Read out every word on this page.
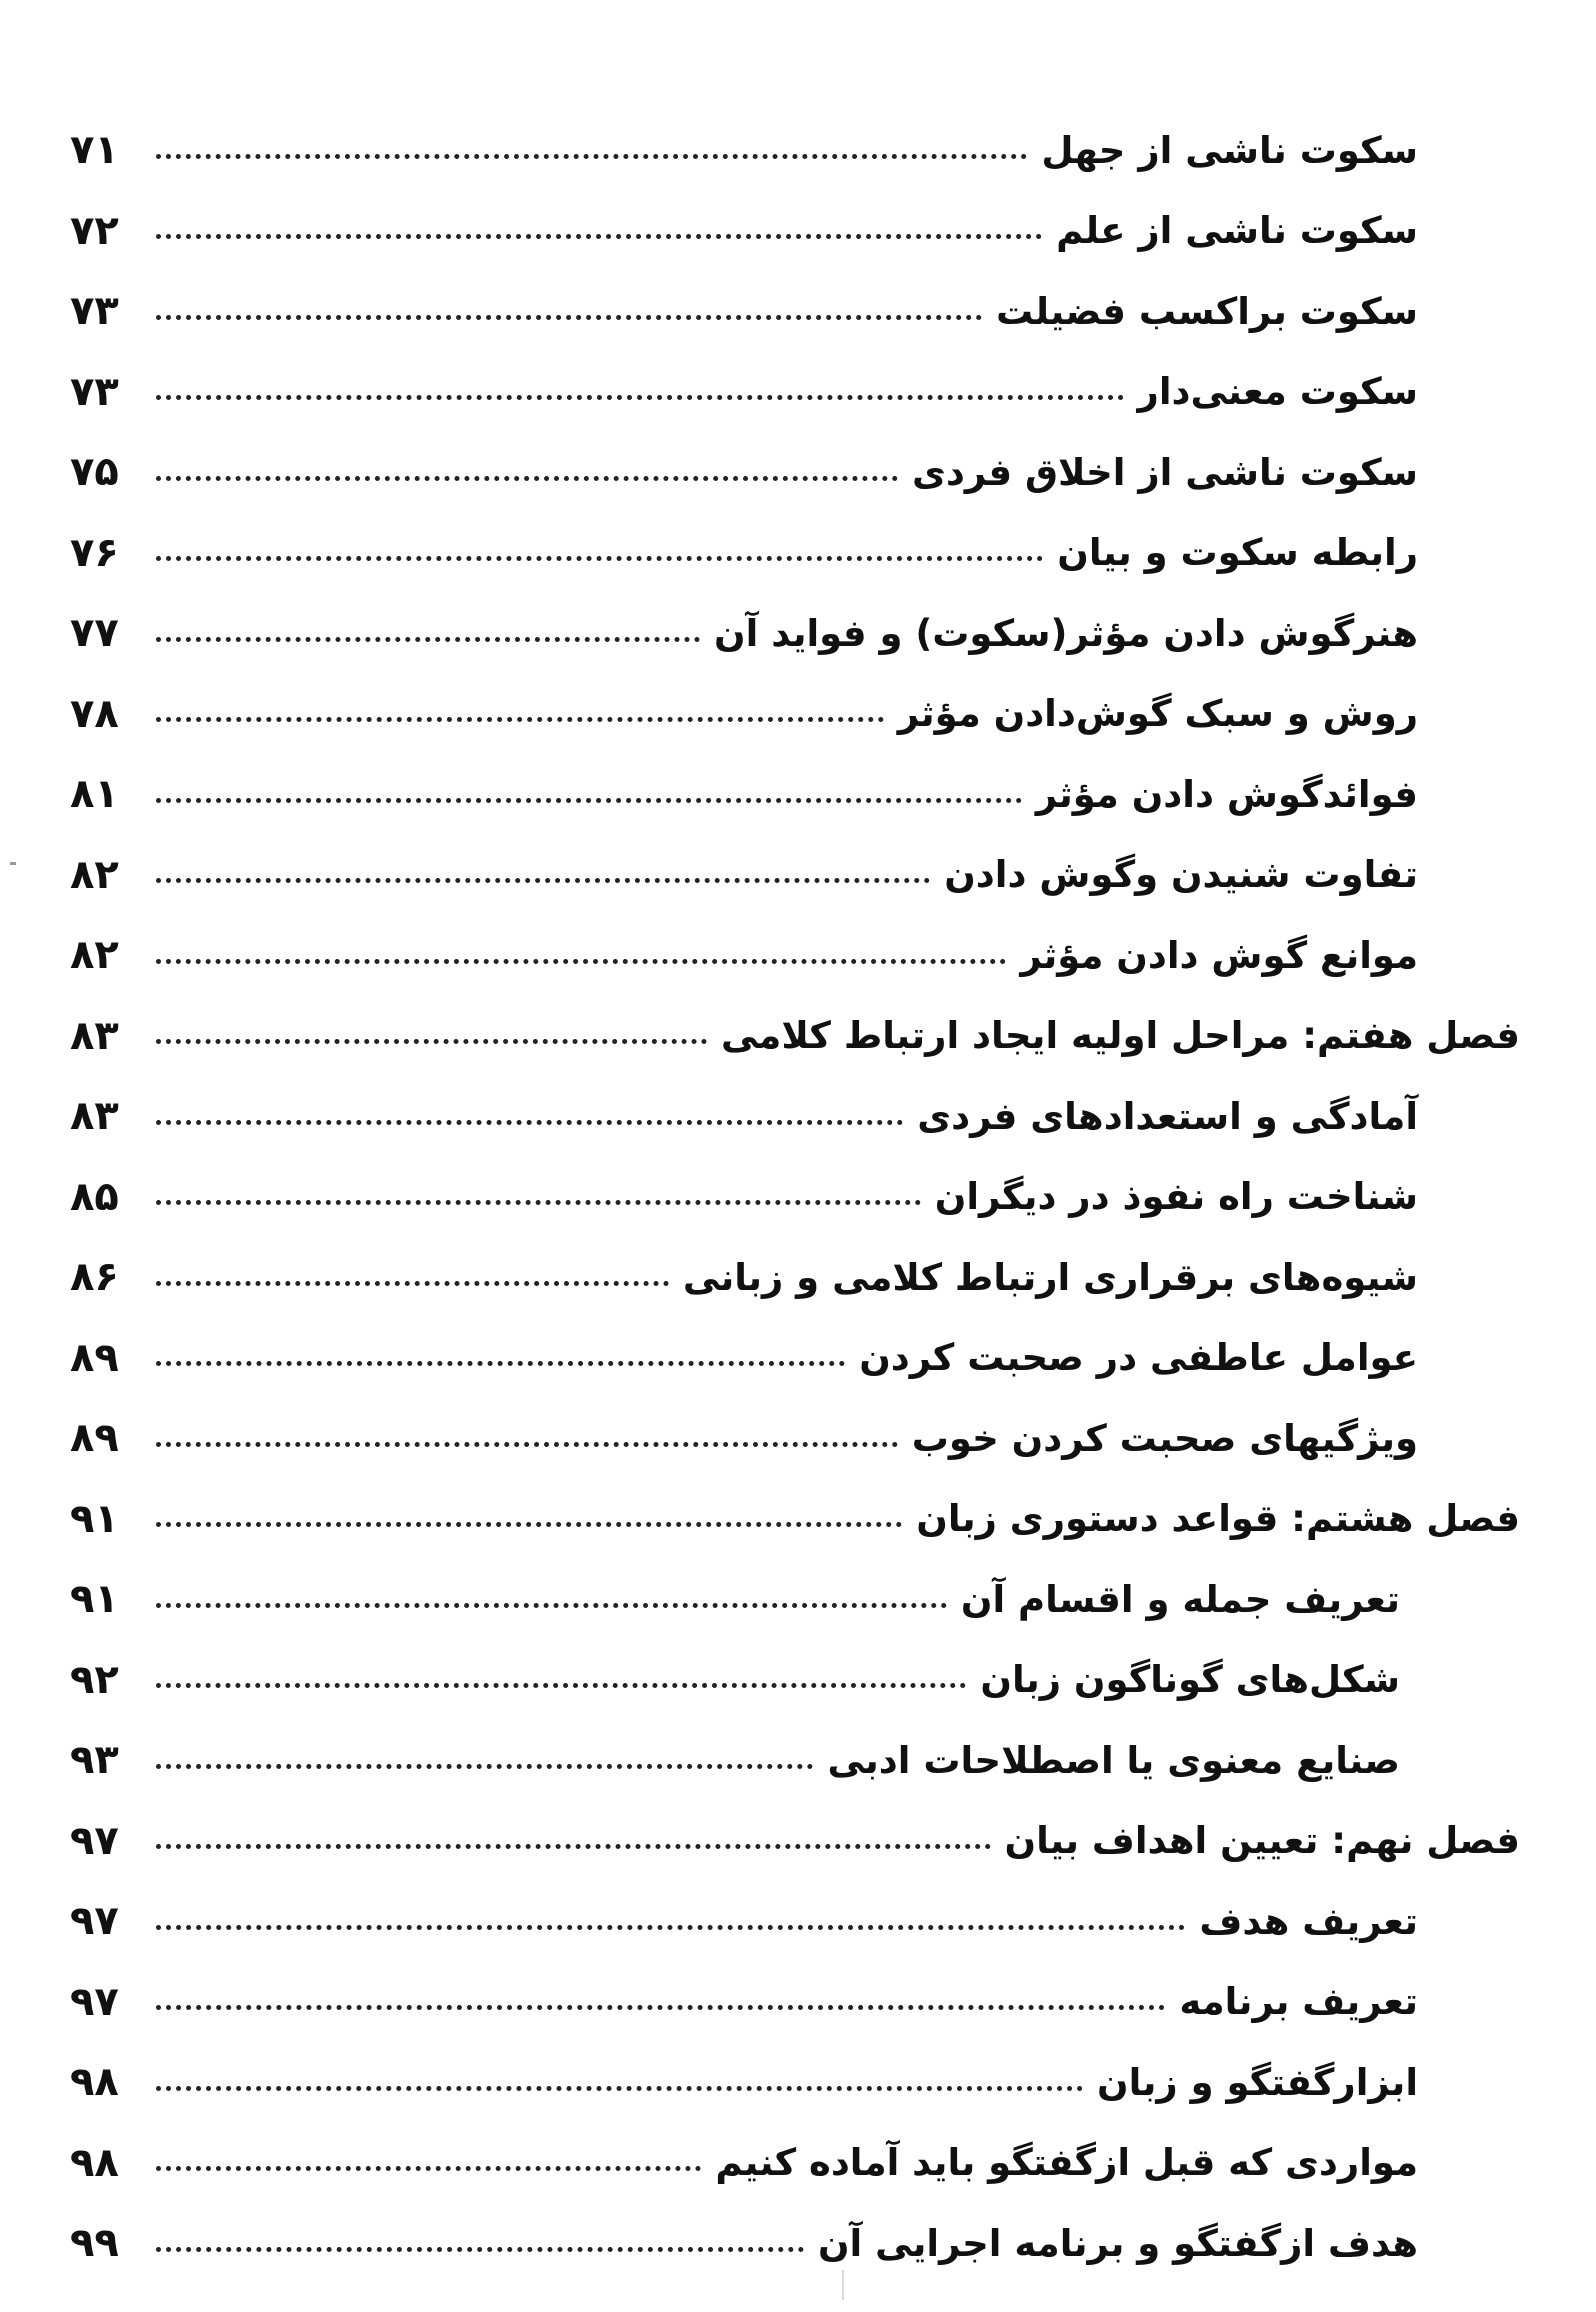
سکوت ناشی از جهل
۷۱
سکوت ناشی از علم
۷۲
سکوت براکسب فضیلت
۷۳
سکوت معنی‌دار
۷۳
سکوت ناشی از اخلاق فردی
۷۵
رابطه سکوت و بیان
۷۶
هنرگوش دادن مؤثر(سکوت) و فواید آن
۷۷
روش و سبک گوش‌دادن مؤثر
۷۸
فوائدگوش دادن مؤثر
۸۱
تفاوت شنیدن وگوش دادن
۸۲
موانع گوش دادن مؤثر
۸۲
فصل هفتم: مراحل اولیه ایجاد ارتباط کلامی
۸۳
آمادگی و استعدادهای فردی
۸۳
شناخت راه نفوذ در دیگران
۸۵
شیوه‌های برقراری ارتباط کلامی و زبانی
۸۶
عوامل عاطفی در صحبت کردن
۸۹
ویژگیهای صحبت کردن خوب
۸۹
فصل هشتم: قواعد دستوری زبان
۹۱
تعریف جمله و اقسام آن
۹۱
شکل‌های گوناگون زبان
۹۲
صنایع معنوی یا اصطلاحات ادبی
۹۳
فصل نهم: تعیین اهداف بیان
۹۷
تعریف هدف
۹۷
تعریف برنامه
۹۷
ابزارگفتگو و زبان
۹۸
مواردی که قبل ازگفتگو باید آماده کنیم
۹۸
هدف ازگفتگو و برنامه اجرایی آن
۹۹
